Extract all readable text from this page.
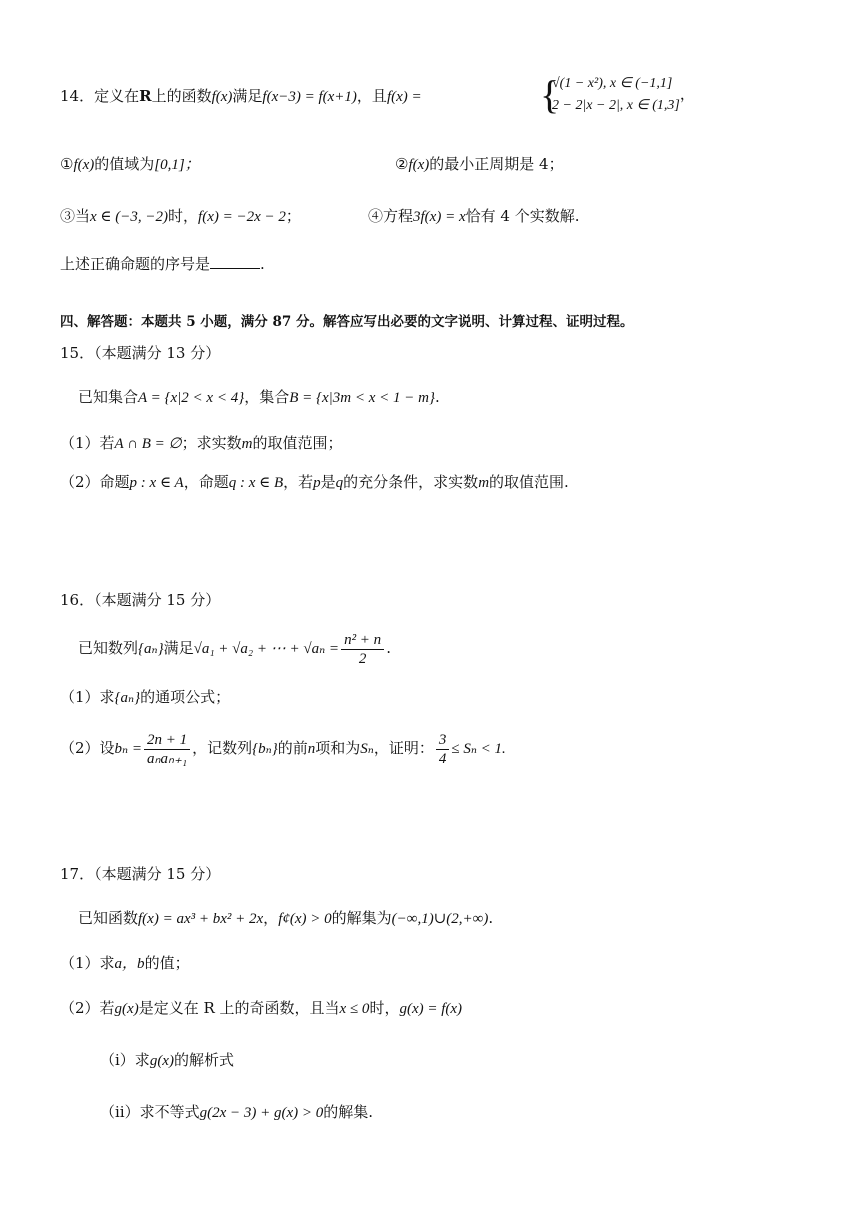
14．定义在R上的函数f(x)满足f(x−3) = f(x+1)，且f(x) =	{
√(1 − x²), x ∈ (−1,1]
2 − 2|x − 2|, x ∈ (1,3]
，
①f(x)的值域为[0,1]；	②f(x)的最小正周期是 4；
③当x ∈ (−3, −2)时，f(x) = −2x − 2；	④方程3f(x) = x恰有 4 个实数解.
上述正确命题的序号是	.
四、解答题：本题共 5 小题，满分 87 分。解答应写出必要的文字说明、计算过程、证明过程。
15．（本题满分 13 分）
已知集合A = {x|2 < x < 4}，集合B = {x|3m < x < 1 − m}.
（1）若A ∩ B = ∅；求实数m的取值范围；
（2）命题p : x ∈ A，命题q : x ∈ B，若p是q的充分条件，求实数m的取值范围.
16．（本题满分 15 分）
已知数列{aₙ}满足√a₁ + √a₂ + ⋯ + $√a_n = \frac{\text{n² + n}}{2}$ .
（1）求{aₙ}的通项公式；
（2）设$b_n = \frac{2n + 1}{\text{aₙaₙ₊₁}}$ ，记数列{bₙ}的前n项和为Sₙ，证明： $\frac{3}{4} \le S_n < 1$.
17．（本题满分 15 分）
已知函数f(x) = ax³ + bx² + 2x，f¢(x) > 0的解集为(−∞,1)∪(2,+∞).
（1）求a，b的值；
（2）若g(x)是定义在 R 上的奇函数，且当x ≤ 0时，g(x) = f(x)
（ⅰ）求g(x)的解析式
（ⅱ）求不等式g(2x − 3) + g(x) > 0的解集.
